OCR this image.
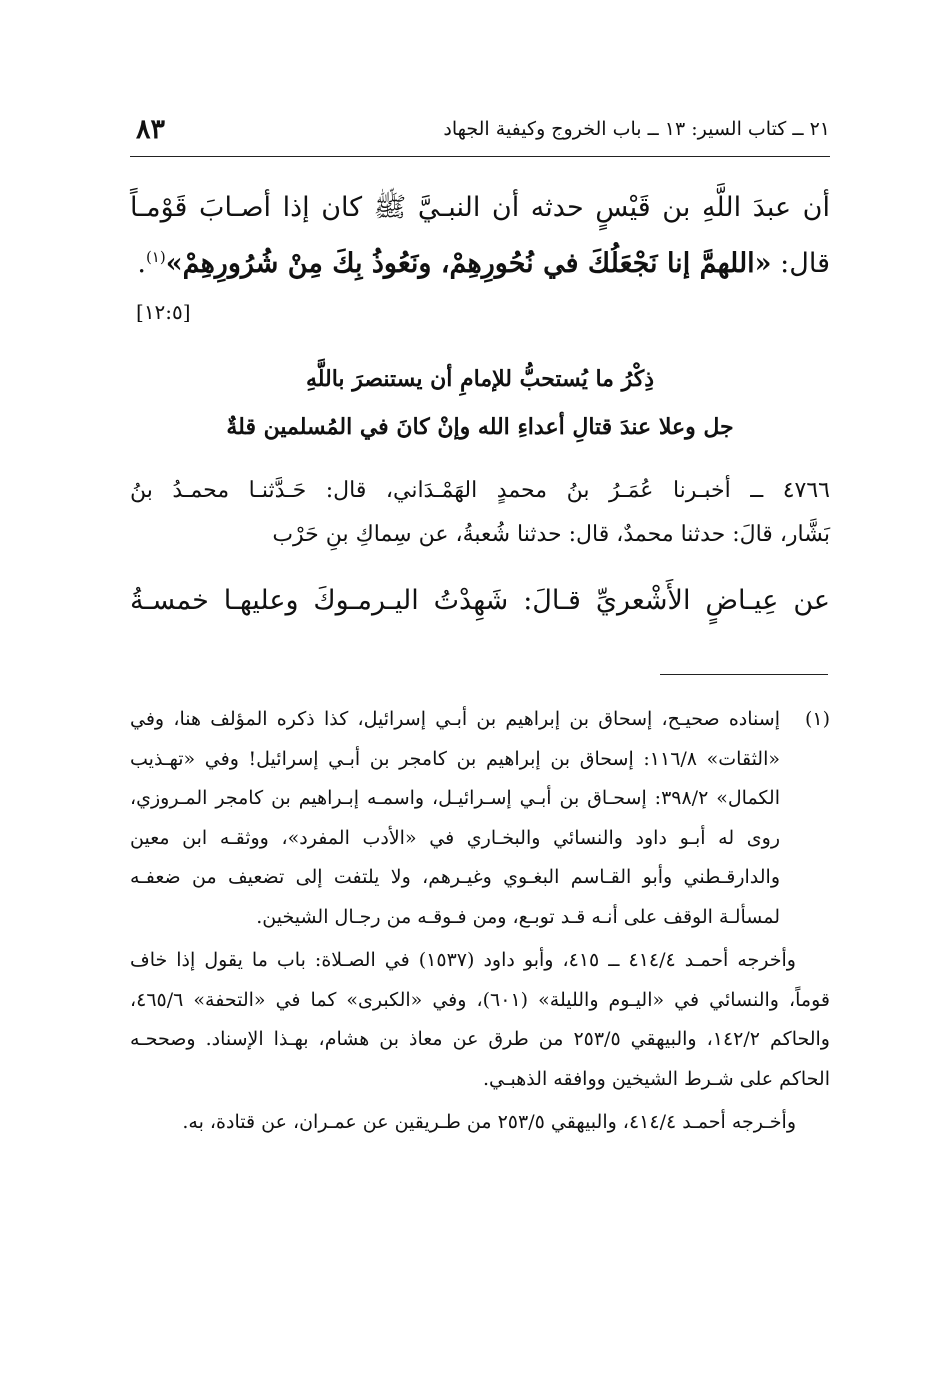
٢١ ــ كتاب السير: ١٣ ــ باب الخروج وكيفية الجهاد
٨٣
أن عبدَ اللَّهِ بن قَيْسٍ حدثه أن النبـيَّ ﷺ كان إذا أصـابَ قَوْمـاً
قال: «اللهمَّ إنا نَجْعَلُكَ في نُحُورِهِمْ، ونَعُوذُ بِكَ مِنْ شُرُورِهِمْ»$^{(١)}$.
[١٢:٥]
ذِكْرُ ما يُستحبُّ للإمامِ أن يستنصرَ باللَّهِ
جل وعلا عندَ قتالِ أعداءِ الله وإنْ كانَ في المُسلمين قلةٌ
٤٧٦٦ ــ أخبـرنا عُمَـرُ بنُ محمدٍ الهَمْـدَاني، قال: حَـدَّثنـا محمـدُ بنُ
بَشَّار، قالَ: حدثنا محمدٌ، قال: حدثنا شُعبةُ، عن سِماكِ بنِ حَرْب
عن عِيـاضٍ الأَشْعريِّ قـالَ: شَهِدْتُ اليـرمـوكَ وعليهـا خمسـةُ

(١)
إسناده صحيـح، إسحاق بن إبراهيم بن أبـي إسرائيل، كذا ذكره المؤلف هنا، وفي «الثقات» ١١٦/٨: إسحاق بن إبراهيم بن كامجر بن أبـي إسرائيل! وفي «تهـذيب الكمال» ٣٩٨/٢: إسحـاق بن أبـي إسـرائيـل، واسمـه إبـراهيم بن كامجر المـروزي، روى له أبـو داود والنسائي والبخـاري في «الأدب المفرد»، ووثقـه ابن معين والدارقـطني وأبو القـاسم البغـوي وغيـرهم، ولا يلتفت إلى تضعيف من ضعفـه لمسألـة الوقف على أنـه قـد توبـع، ومن فـوقـه من رجـال الشيخين.

وأخرجه أحمـد ٤١٤/٤ ــ ٤١٥، وأبو داود (١٥٣٧) في الصـلاة: باب ما يقول إذا خاف قوماً، والنسائي في «اليـوم والليلة» (٦٠١)، وفي «الكبرى» كما في «التحفة» ٤٦٥/٦، والحاكم ١٤٢/٢، والبيهقي ٢٥٣/٥ من طرق عن معاذ بن هشام، بهـذا الإسناد. وصححـه الحاكم على شـرط الشيخين ووافقه الذهبـي.

وأخـرجه أحمـد ٤١٤/٤، والبيهقي ٢٥٣/٥ من طـريقين عن عمـران، عن قتادة، به.
